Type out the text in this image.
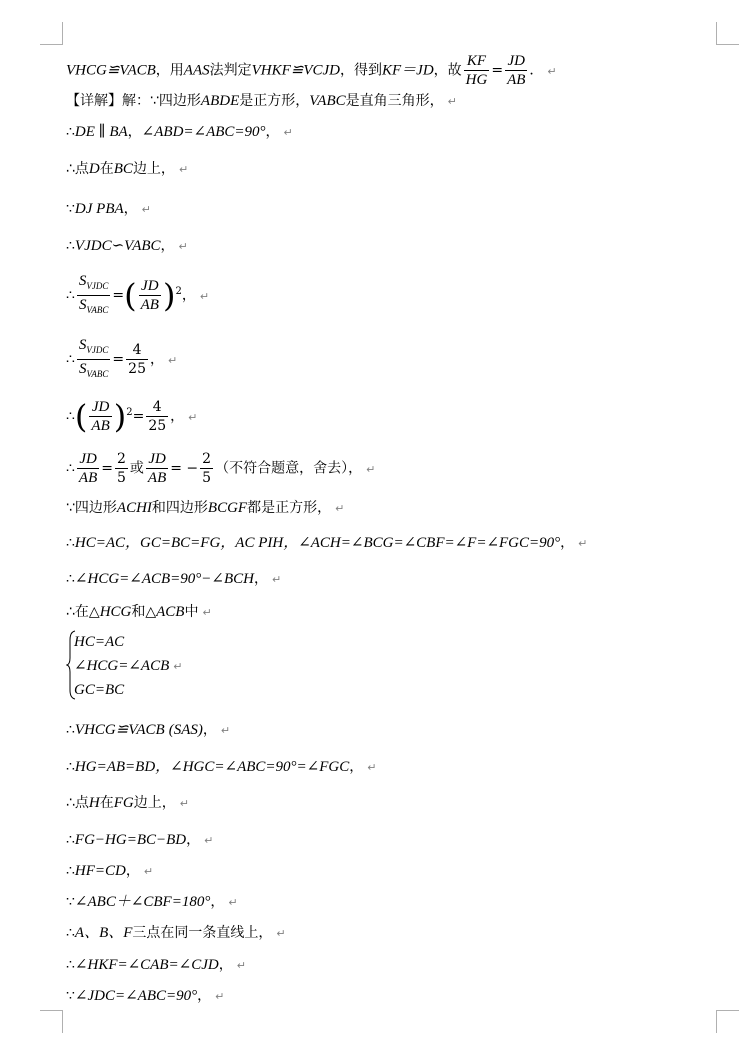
VHCG≌VACB，用AAS法判定VHKF≌VCJD，得到KF＝JD，故 $\frac{KF}{HG} = \frac{JD}{AB}$ ． ↵
【详解】解：∵四边形ABDE是正方形，VABC是直角三角形， ↵
∴DE ∥ BA，∠ABD=∠ABC=90°， ↵
∴点D在BC边上， ↵
∵DJ PBA， ↵
∴VJDC∽VABC， ↵
∴ $\frac{S_{VJDC}}{S_{VABC}}$ =( $\frac{JD}{AB} )^2$， ↵
∴ $\frac{S_{VJDC}}{S_{VABC}} = \frac{4}{25}$ ， ↵
∴( $\frac{JD}{AB} )^2= \frac{4}{25}$ ， ↵
∴ $\frac{JD}{AB} = \frac{2}{5}$ 或 $\frac{JD}{AB}$ = − $\frac{2}{5}$ （不符合题意，舍去）， ↵
∵四边形ACHI和四边形BCGF都是正方形， ↵
∴HC=AC，GC=BC=FG，AC PIH，∠ACH=∠BCG=∠CBF=∠F=∠FGC=90°， ↵
∴∠HCG=∠ACB=90°−∠BCH， ↵
∴在△HCG和△ACB中 ↵
HC=AC
∠HCG=∠ACB ↵
GC=BC
∴VHCG≌VACB (SAS)， ↵
∴HG=AB=BD，∠HGC=∠ABC=90°=∠FGC， ↵
∴点H在FG边上， ↵
∴FG−HG=BC−BD， ↵
∴HF=CD， ↵
∵∠ABC＋∠CBF=180°， ↵
∴A、B、F三点在同一条直线上， ↵
∴∠HKF=∠CAB=∠CJD， ↵
∵∠JDC=∠ABC=90°， ↵
